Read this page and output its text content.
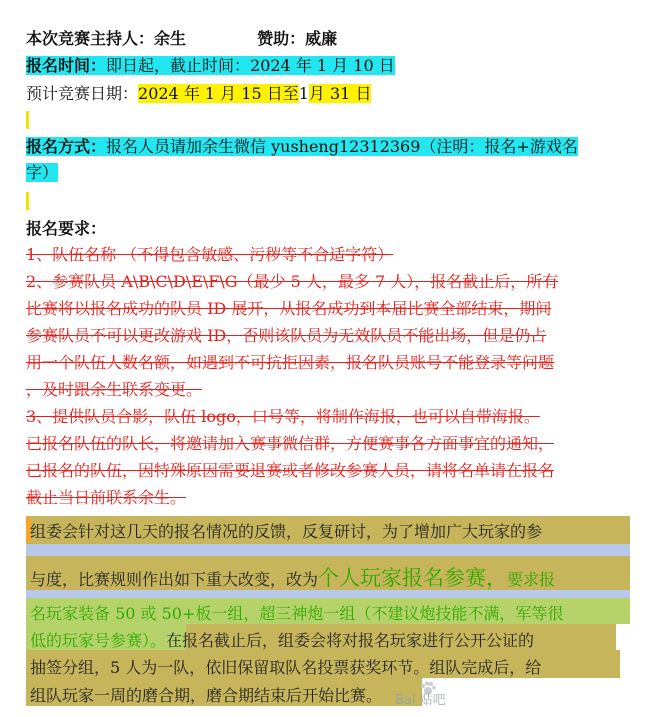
本次竞赛主持人：余生	赞助：威廉
报名时间：即日起，截止时间：2024 年 1 月 10 日
预计竞赛日期：2024 年 1 月 15 日至1月 31 日
报名方式：报名人员请加余生微信 yusheng12312369（注明：报名+游戏名
字）
报名要求：
1、队伍名称 （不得包含敏感、污秽等不合适字符）
2、参赛队员 A\B\C\D\E\F\G（最少 5 人，最多 7 人），报名截止后，所有
比赛将以报名成功的队员 ID 展开，从报名成功到本届比赛全部结束，期间
参赛队员不可以更改游戏 ID，否则该队员为无效队员不能出场，但是仍占
用一个队伍人数名额，如遇到不可抗拒因素，报名队员账号不能登录等问题
，及时跟余生联系变更。
3、提供队员合影，队伍 logo，口号等，将制作海报，也可以自带海报。
已报名队伍的队长，将邀请加入赛事微信群，方便赛事各方面事宜的通知，
已报名的队伍，因特殊原因需要退赛或者修改参赛人员，请将名单请在报名
截止当日前联系余生。
组委会针对这几天的报名情况的反馈，反复研讨，为了增加广大玩家的参
与度，比赛规则作出如下重大改变，改为个人玩家报名参赛，要求报
名玩家装备 50 或 50+板一组，超三神炮一组（不建议炮技能不满，军等很
低的玩家号参赛）。在报名截止后，组委会将对报名玩家进行公开公证的
抽签分组，5 人为一队，依旧保留取队名投票获奖环节。组队完成后，给
组队玩家一周的磨合期，磨合期结束后开始比赛。 Bai 贴吧
